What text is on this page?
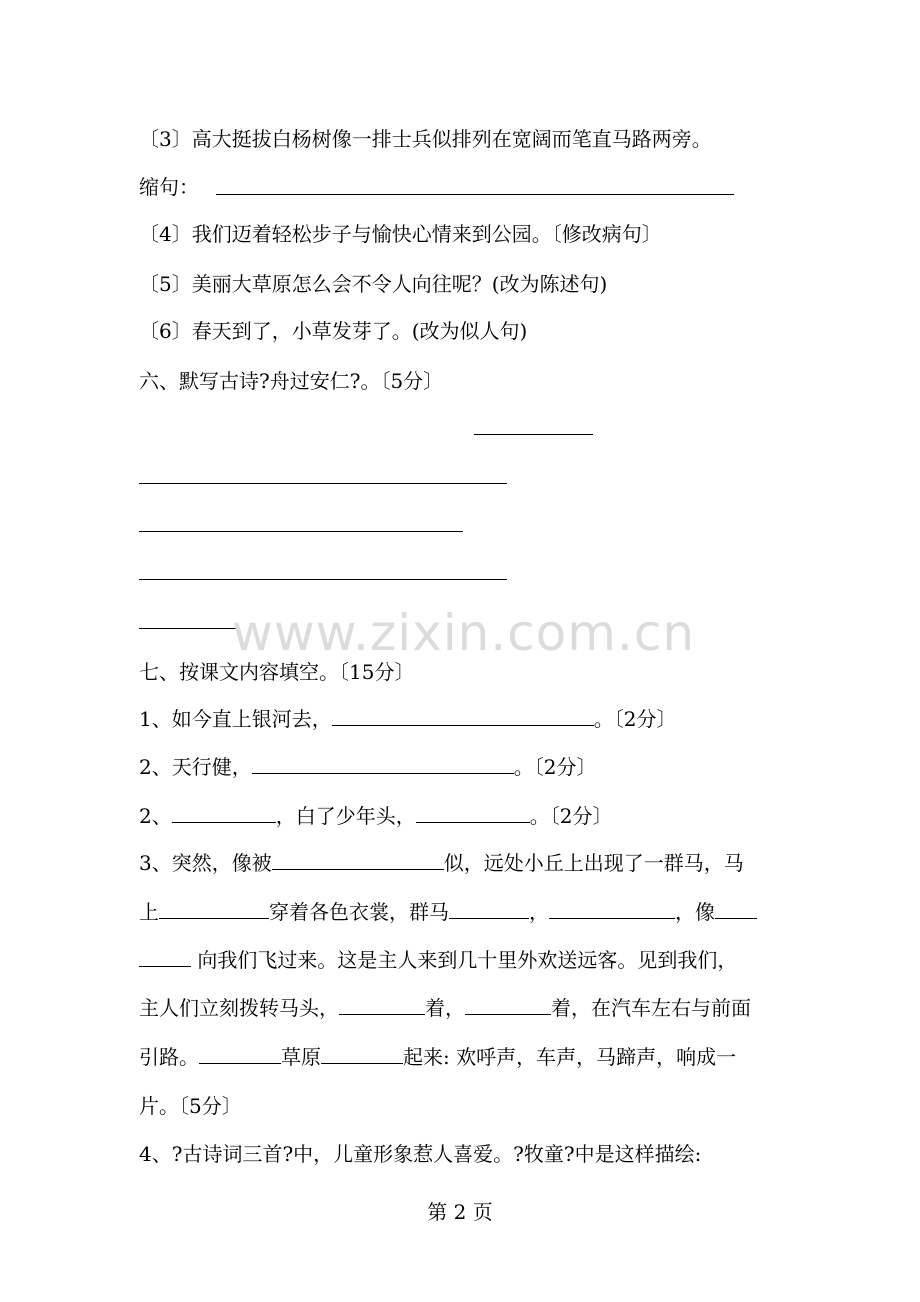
〔3〕高大挺拔白杨树像一排士兵似排列在宽阔而笔直马路两旁。
缩句：
〔4〕我们迈着轻松步子与愉快心情来到公园。〔修改病句〕
〔5〕美丽大草原怎么会不令人向往呢？(改为陈述句)
〔6〕春天到了，小草发芽了。(改为似人句)
六、默写古诗?舟过安仁?。〔5分〕
www.zixin.com.cn
七、按课文内容填空。〔15分〕
1、如今直上银河去，	。〔2分〕
2、天行健，	。〔2分〕
2、	，白了少年头，	。〔2分〕
3、突然，像被	似，远处小丘上出现了一群马，马
上	穿着各色衣裳，群马	，	，像
向我们飞过来。这是主人来到几十里外欢送远客。见到我们，
主人们立刻拨转马头，	着，	着，在汽车左右与前面
引路。	草原	起来: 欢呼声，车声，马蹄声，响成一
片。〔5分〕
4、?古诗词三首?中，儿童形象惹人喜爱。?牧童?中是这样描绘:
第 2 页
